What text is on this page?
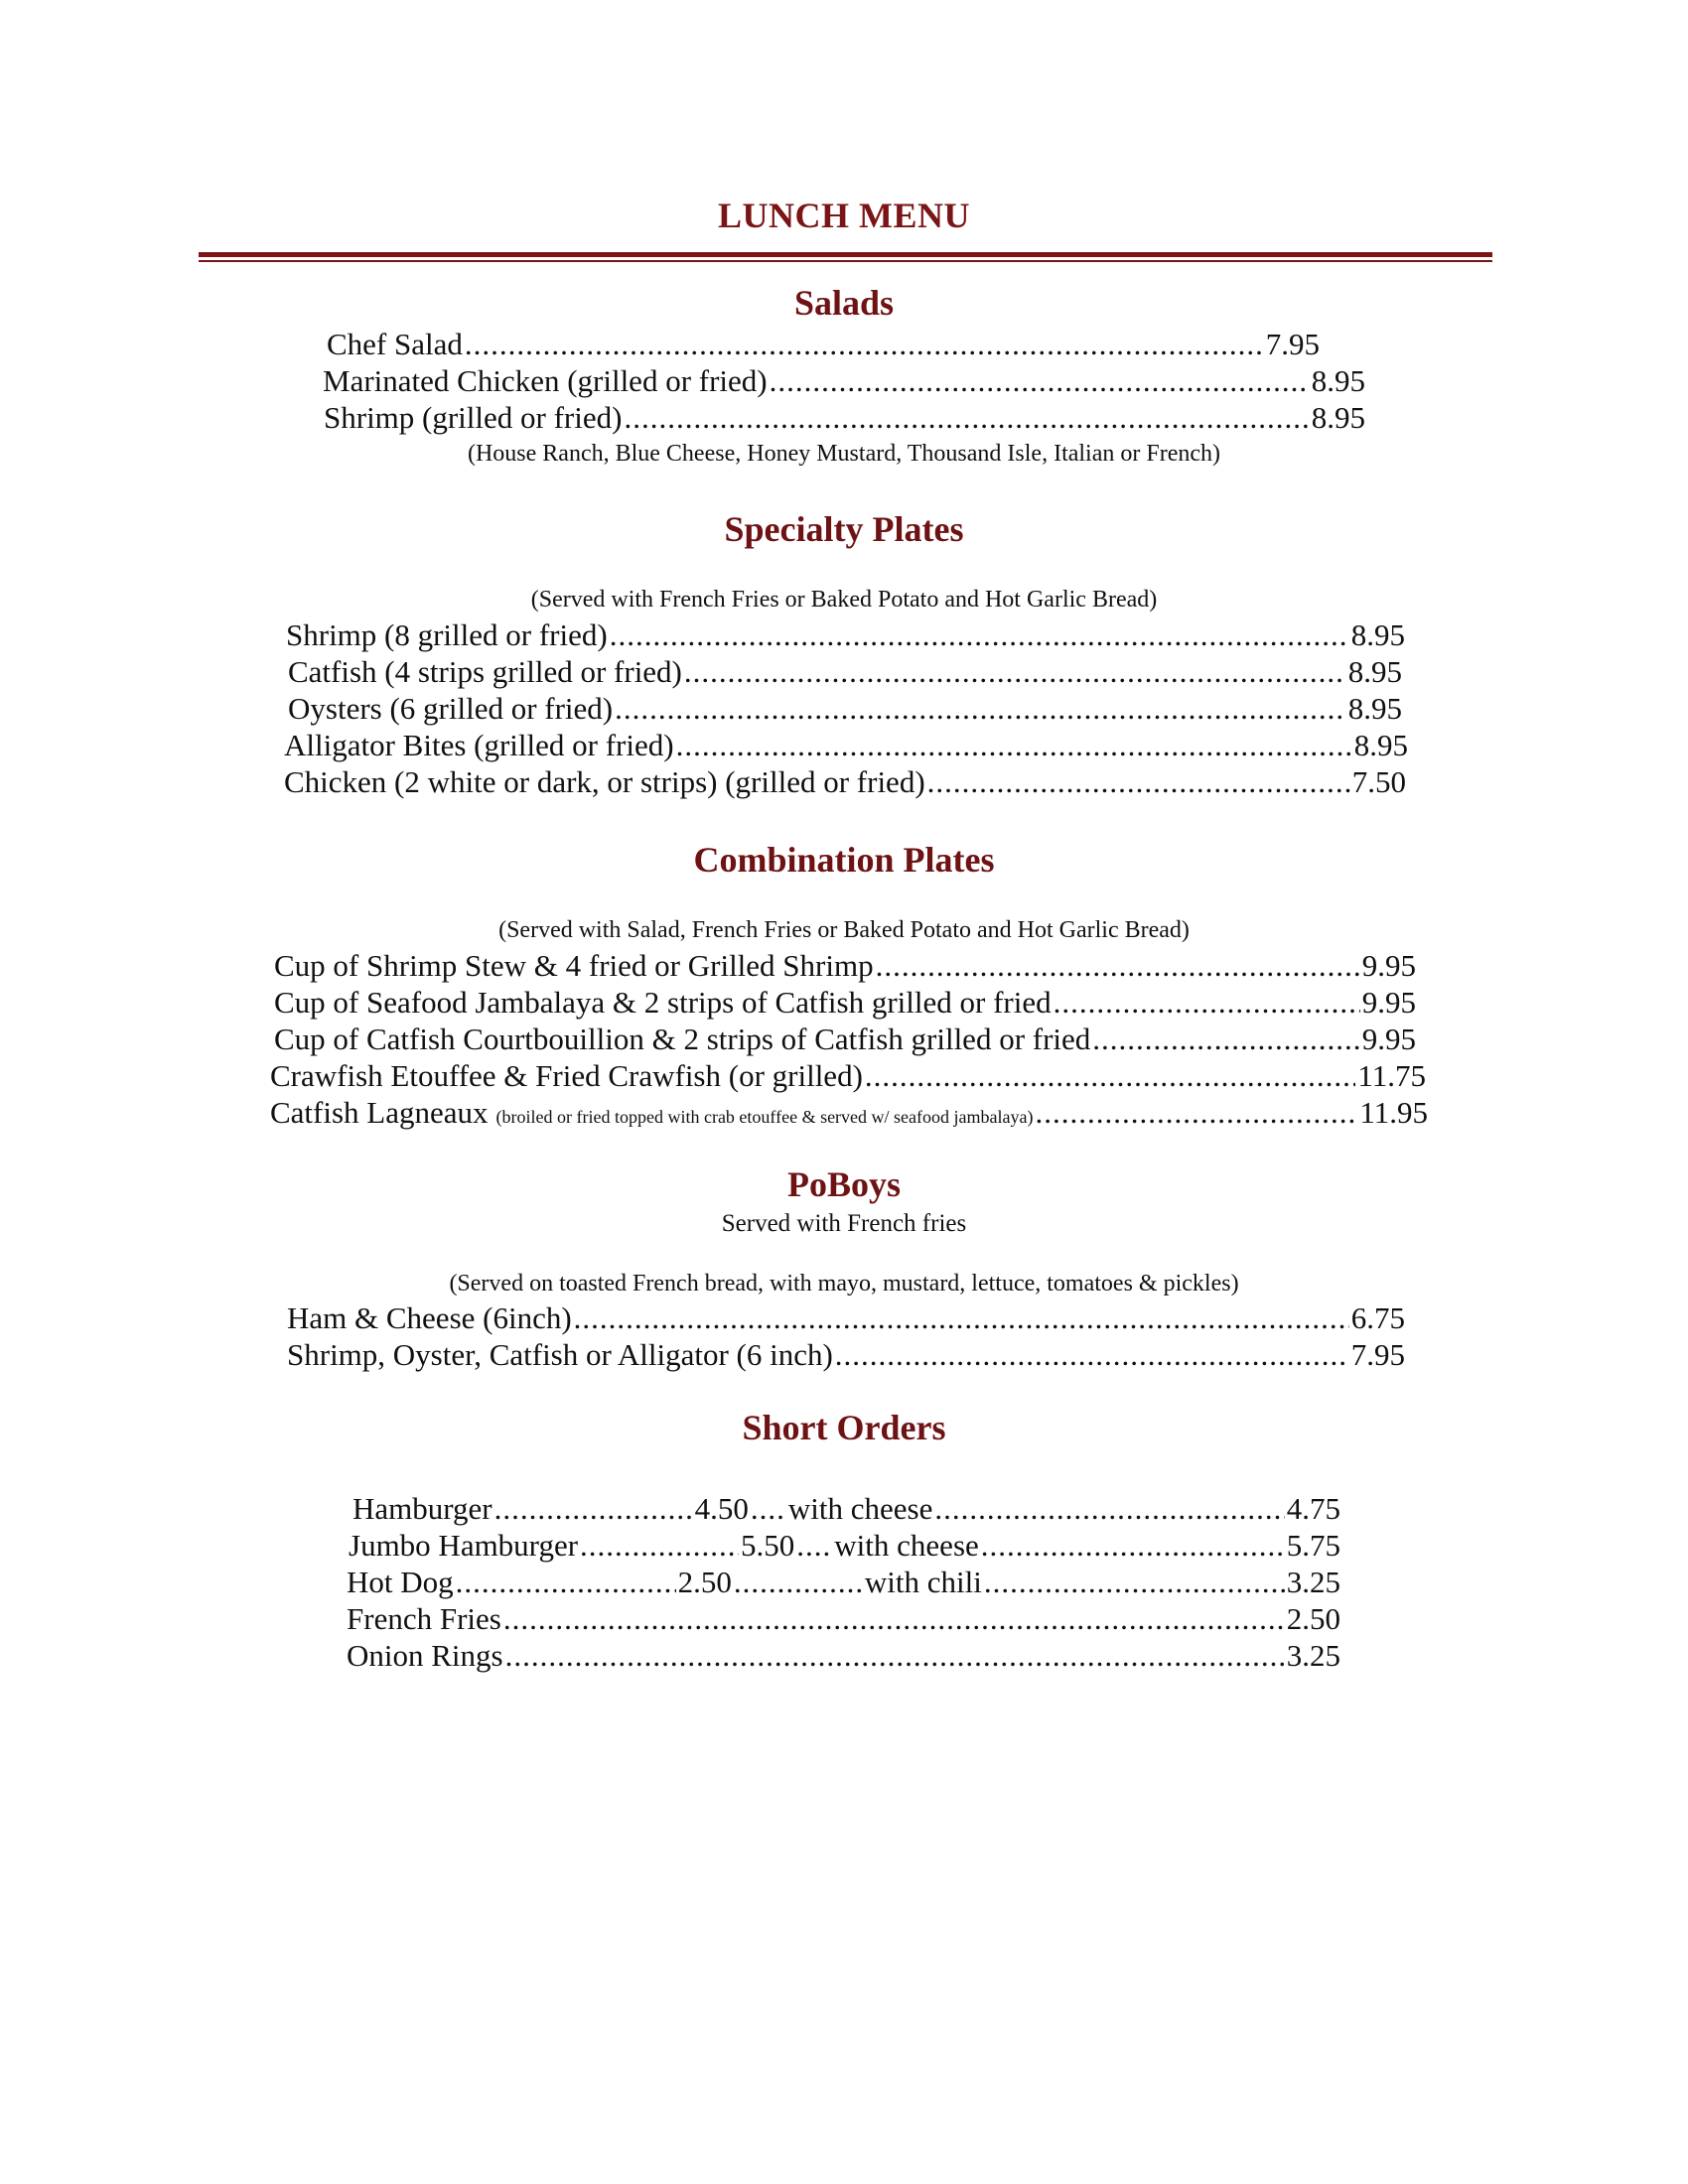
LUNCH MENU
Salads
Chef Salad .....	7.95
Marinated Chicken (grilled or fried) .....	8.95
Shrimp (grilled or fried) .....	8.95
(House Ranch, Blue Cheese, Honey Mustard, Thousand Isle, Italian or French)
Specialty Plates
(Served with French Fries or Baked Potato and Hot Garlic Bread)
Shrimp (8 grilled or fried) .....	8.95
Catfish (4 strips grilled or fried) .....	8.95
Oysters (6 grilled or fried) .....	8.95
Alligator Bites (grilled or fried) .....	8.95
Chicken (2 white or dark, or strips) (grilled or fried) .....	7.50
Combination Plates
(Served with Salad, French Fries or Baked Potato and Hot Garlic Bread)
Cup of Shrimp Stew & 4 fried or Grilled Shrimp .....	9.95
Cup of Seafood Jambalaya & 2 strips of Catfish grilled or fried .....	9.95
Cup of Catfish Courtbouillion & 2 strips of Catfish grilled or fried .....	9.95
Crawfish Etouffee & Fried Crawfish (or grilled) .....	11.75
Catfish Lagneaux (broiled or fried topped with crab etouffee & served w/ seafood jambalaya) .....	11.95
PoBoys
Served with French fries
(Served on toasted French bread, with mayo, mustard, lettuce, tomatoes & pickles)
Ham & Cheese (6inch) .....	6.75
Shrimp, Oyster, Catfish or Alligator (6 inch) .....	7.95
Short Orders
Hamburger .....	4.50 ..... with cheese .....	4.75
Jumbo Hamburger .....	5.50 ..... with cheese .....	5.75
Hot Dog .....	2.50 .....	with chili .....	3.25
French Fries .....	2.50
Onion Rings .....	3.25
